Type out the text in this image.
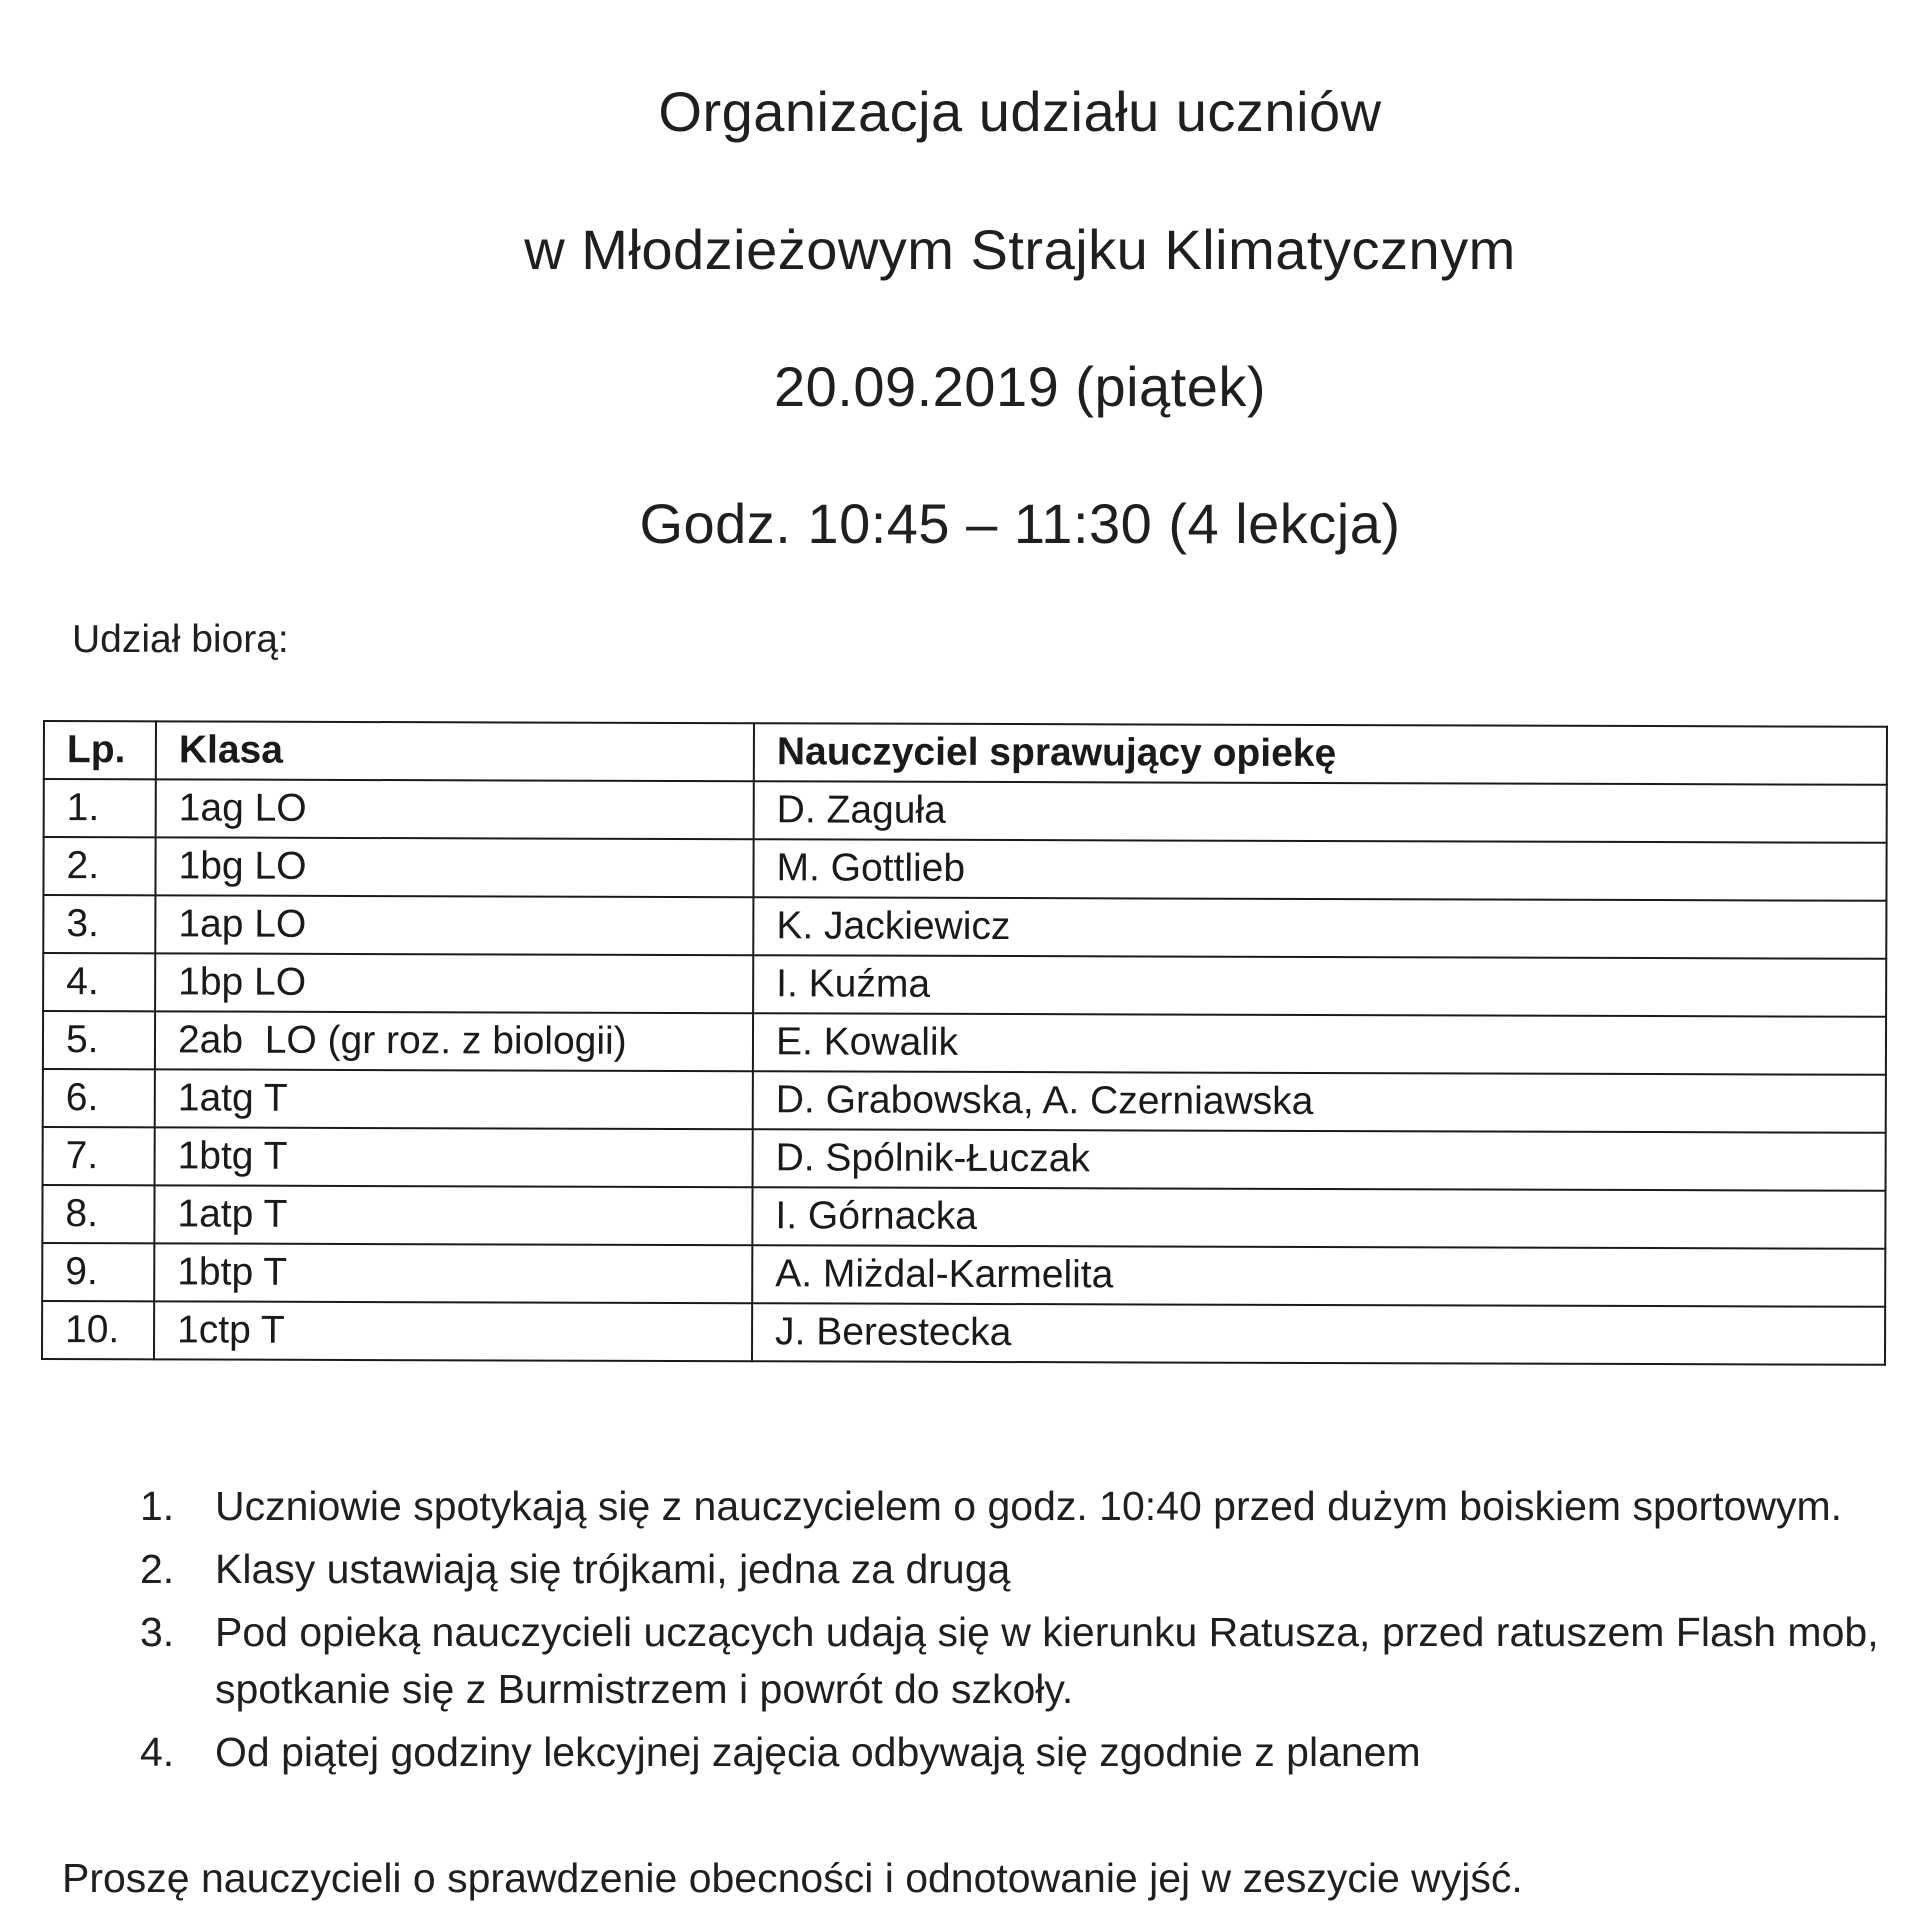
Organizacja udziału uczniów
w Młodzieżowym Strajku Klimatycznym
20.09.2019 (piątek)
Godz. 10:45 – 11:30 (4 lekcja)
Udział biorą:
Lp.	Klasa	Nauczyciel sprawujący opiekę
1.	1ag LO	D. Zaguła
2.	1bg LO	M. Gottlieb
3.	1ap LO	K. Jackiewicz
4.	1bp LO	I. Kuźma
5.	2ab  LO (gr roz. z biologii)	E. Kowalik
6.	1atg T	D. Grabowska, A. Czerniawska
7.	1btg T	D. Spólnik-Łuczak
8.	1atp T	I. Górnacka
9.	1btp T	A. Miżdal-Karmelita
10.	1ctp T	J. Berestecka
1. Uczniowie spotykają się z nauczycielem o godz. 10:40 przed dużym boiskiem sportowym.
2. Klasy ustawiają się trójkami, jedna za drugą
3. Pod opieką nauczycieli uczących udają się w kierunku Ratusza, przed ratuszem Flash mob, spotkanie się z Burmistrzem i powrót do szkoły.
4. Od piątej godziny lekcyjnej zajęcia odbywają się zgodnie z planem
Proszę nauczycieli o sprawdzenie obecności i odnotowanie jej w zeszycie wyjść.
